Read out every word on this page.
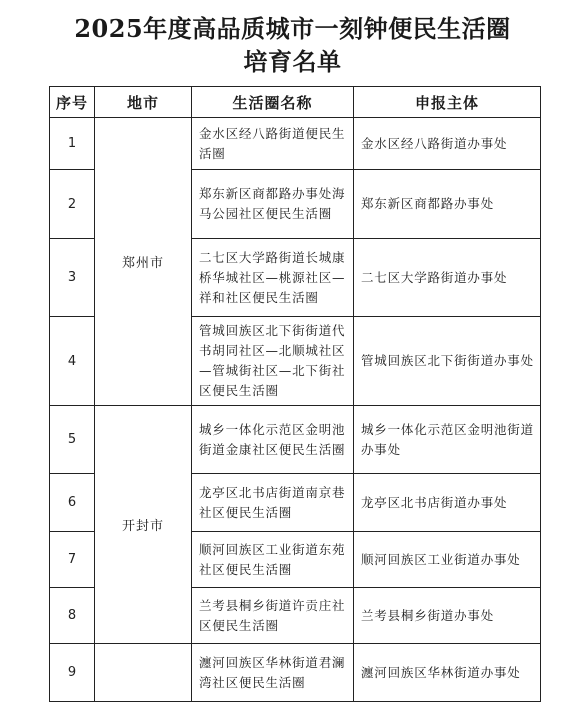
2025年度高品质城市一刻钟便民生活圈
培育名单
序号	地市	生活圈名称	申报主体
1	郑州市	金水区经八路街道便民生活圈	金水区经八路街道办事处

2		郑东新区商都路办事处海马公园社区便民生活圈	郑东新区商都路办事处

3		二七区大学路街道长城康桥华城社区—桃源社区—祥和社区便民生活圈	二七区大学路街道办事处

4		管城回族区北下街街道代书胡同社区—北顺城社区—管城街社区—北下街社区便民生活圈	管城回族区北下街街道办事处

5	开封市	城乡一体化示范区金明池街道金康社区便民生活圈	城乡一体化示范区金明池街道办事处

6		龙亭区北书店街道南京巷社区便民生活圈	龙亭区北书店街道办事处

7		顺河回族区工业街道东苑社区便民生活圈	顺河回族区工业街道办事处

8		兰考县桐乡街道许贡庄社区便民生活圈	兰考县桐乡街道办事处

9		瀍河回族区华林街道君澜湾社区便民生活圈	瀍河回族区华林街道办事处
